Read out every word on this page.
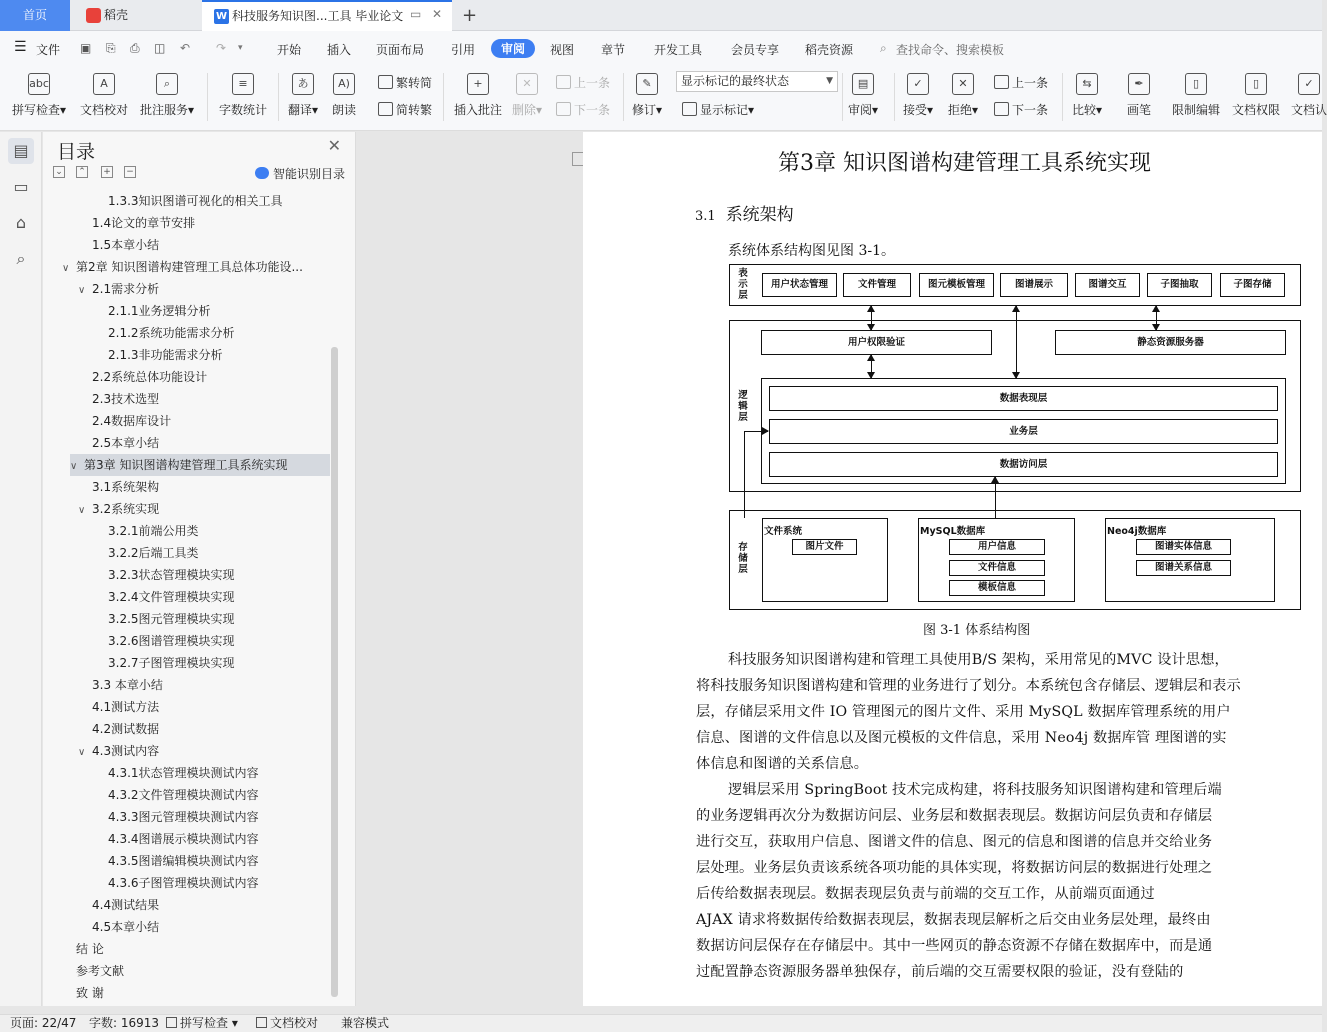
首页	稻壳	W 科技服务知识图...工具 毕业论文 ▭ ✕ +
☰ 文件 ▣ ⎘ ⎙ ◫ ↶ ↷ ▾	开始 插入 页面布局 引用	审阅	视图 章节 开发工具 会员专享 稻壳资源 ⌕ 查找命令、搜索模板
abc
拼写检查▾
A
文档校对
⌕
批注服务▾
≡
字数统计
あ
翻译▾
A)
朗读
繁转简
简转繁
+
插入批注
✕
删除▾
上一条
下一条
✎
修订▾
显示标记的最终状态	▼
显示标记▾
▤
审阅▾
✓
接受▾
✕
拒绝▾
上一条
下一条
⇆
比较▾
✒
画笔
▯
限制编辑
▯
文档权限
✓
文档认
▤
▭
⌂
⌕
目录	✕
⌄ ⌃ + −	智能识别目录
1.3.3知识图谱可视化的相关工具
1.4论文的章节安排
1.5本章小结
∨ 第2章 知识图谱构建管理工具总体功能设...
∨ 2.1需求分析
2.1.1业务逻辑分析
2.1.2系统功能需求分析
2.1.3非功能需求分析
2.2系统总体功能设计
2.3技术选型
2.4数据库设计
2.5本章小结
∨ 第3章 知识图谱构建管理工具系统实现
3.1系统架构
∨ 3.2系统实现
3.2.1前端公用类
3.2.2后端工具类
3.2.3状态管理模块实现
3.2.4文件管理模块实现
3.2.5图元管理模块实现
3.2.6图谱管理模块实现
3.2.7子图管理模块实现
3.3 本章小结
4.1测试方法
4.2测试数据
∨ 4.3测试内容
4.3.1状态管理模块测试内容
4.3.2文件管理模块测试内容
4.3.3图元管理模块测试内容
4.3.4图谱展示模块测试内容
4.3.5图谱编辑模块测试内容
4.3.6子图管理模块测试内容
4.4测试结果
4.5本章小结
结 论
参考文献
致 谢
第3章 知识图谱构建管理工具系统实现
3.1 系统架构
系统体系结构图见图 3-1。
表示层
用户状态管理	文件管理	图元模板管理	图谱展示	图谱交互	子图抽取	子图存储
逻辑层
用户权限验证	静态资源服务器
数据表现层
业务层
数据访问层
存储层
文件系统
图片文件
MySQL数据库
用户信息
文件信息
模板信息
Neo4j数据库
图谱实体信息
图谱关系信息
图 3-1 体系结构图
科技服务知识图谱构建和管理工具使用B/S 架构，采用常见的MVC 设计思想，
将科技服务知识图谱构建和管理的业务进行了划分。本系统包含存储层、逻辑层和表示
层，存储层采用文件 IO 管理图元的图片文件、采用 MySQL 数据库管理系统的用户
信息、图谱的文件信息以及图元模板的文件信息，采用 Neo4j 数据库管 理图谱的实
体信息和图谱的关系信息。
逻辑层采用 SpringBoot 技术完成构建，将科技服务知识图谱构建和管理后端
的业务逻辑再次分为数据访问层、业务层和数据表现层。数据访问层负责和存储层
进行交互，获取用户信息、图谱文件的信息、图元的信息和图谱的信息并交给业务
层处理。业务层负责该系统各项功能的具体实现，将数据访问层的数据进行处理之
后传给数据表现层。数据表现层负责与前端的交互工作，从前端页面通过
AJAX 请求将数据传给数据表现层，数据表现层解析之后交由业务层处理，最终由
数据访问层保存在存储层中。其中一些网页的静态资源不存储在数据库中，而是通
过配置静态资源服务器单独保存，前后端的交互需要权限的验证，没有登陆的
页面: 22/47 字数: 16913	拼写检查 ▾	文档校对 兼容模式
